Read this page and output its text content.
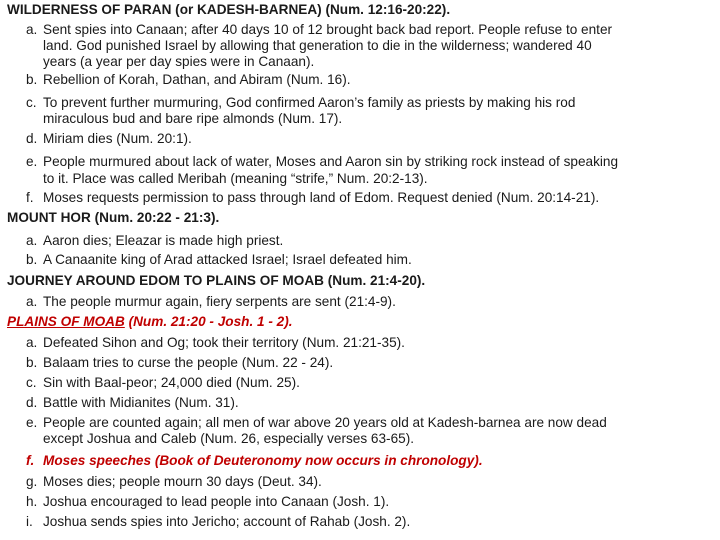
WILDERNESS OF PARAN (or KADESH-BARNEA) (Num. 12:16-20:22).
a. Sent spies into Canaan; after 40 days 10 of 12 brought back bad report. People refuse to enter
land. God punished Israel by allowing that generation to die in the wilderness; wandered 40
years (a year per day spies were in Canaan).
b. Rebellion of Korah, Dathan, and Abiram (Num. 16).
c. To prevent further murmuring, God confirmed Aaron’s family as priests by making his rod
miraculous bud and bare ripe almonds (Num. 17).
d. Miriam dies (Num. 20:1).
e. People murmured about lack of water, Moses and Aaron sin by striking rock instead of speaking
to it. Place was called Meribah (meaning “strife,” Num. 20:2-13).
f. Moses requests permission to pass through land of Edom. Request denied (Num. 20:14-21).
MOUNT HOR (Num. 20:22 - 21:3).
a. Aaron dies; Eleazar is made high priest.
b. A Canaanite king of Arad attacked Israel; Israel defeated him.
JOURNEY AROUND EDOM TO PLAINS OF MOAB (Num. 21:4-20).
a. The people murmur again, fiery serpents are sent (21:4-9).
PLAINS OF MOAB (Num. 21:20 - Josh. 1 - 2).
a. Defeated Sihon and Og; took their territory (Num. 21:21-35).
b. Balaam tries to curse the people (Num. 22 - 24).
c. Sin with Baal-peor; 24,000 died (Num. 25).
d. Battle with Midianites (Num. 31).
e. People are counted again; all men of war above 20 years old at Kadesh-barnea are now dead
except Joshua and Caleb (Num. 26, especially verses 63-65).
f. Moses speeches (Book of Deuteronomy now occurs in chronology).
g. Moses dies; people mourn 30 days (Deut. 34).
h. Joshua encouraged to lead people into Canaan (Josh. 1).
i. Joshua sends spies into Jericho; account of Rahab (Josh. 2).
